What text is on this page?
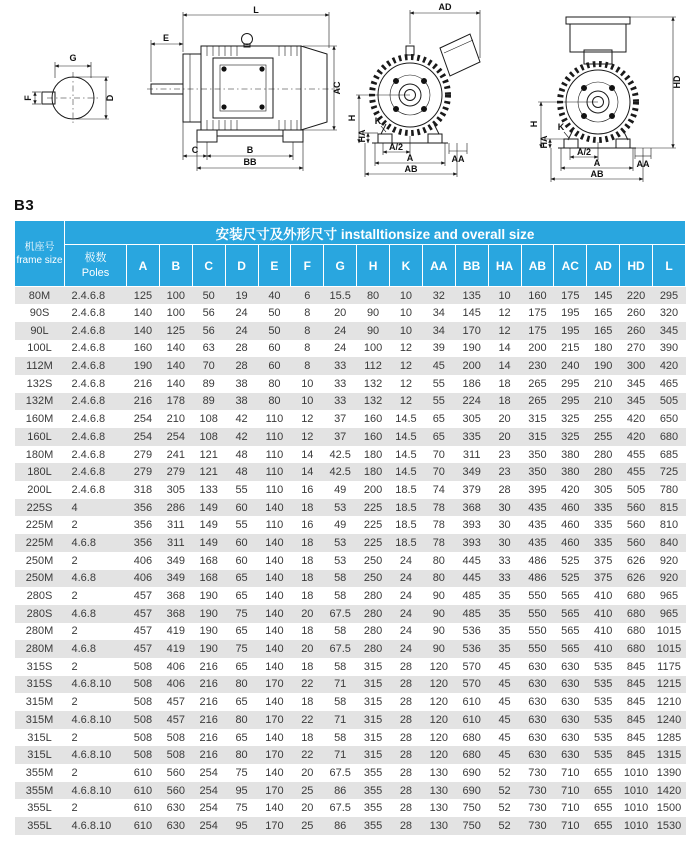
G
F	D
L
E
AC
C	B
BB
AD
H
HA
K
A/2
A
AB
AA
HD
H
HA
K
A/2
A
AB
AA
B3
机座号
frame size	安装尺寸及外形尺寸 installtionsize and overall size																	
	极数
Poles	A	B	C	D	E	F	G	H	K	AA	BB	HA	AB	AC	AD	HD	L
80M	2.4.6.8	125	100	50	19	40	6	15.5	80	10	32	135	10	160	175	145	220	295
90S	2.4.6.8	140	100	56	24	50	8	20	90	10	34	145	12	175	195	165	260	320
90L	2.4.6.8	140	125	56	24	50	8	24	90	10	34	170	12	175	195	165	260	345
100L	2.4.6.8	160	140	63	28	60	8	24	100	12	39	190	14	200	215	180	270	390
112M	2.4.6.8	190	140	70	28	60	8	33	112	12	45	200	14	230	240	190	300	420
132S	2.4.6.8	216	140	89	38	80	10	33	132	12	55	186	18	265	295	210	345	465
132M	2.4.6.8	216	178	89	38	80	10	33	132	12	55	224	18	265	295	210	345	505
160M	2.4.6.8	254	210	108	42	110	12	37	160	14.5	65	305	20	315	325	255	420	650
160L	2.4.6.8	254	254	108	42	110	12	37	160	14.5	65	335	20	315	325	255	420	680
180M	2.4.6.8	279	241	121	48	110	14	42.5	180	14.5	70	311	23	350	380	280	455	685
180L	2.4.6.8	279	279	121	48	110	14	42.5	180	14.5	70	349	23	350	380	280	455	725
200L	2.4.6.8	318	305	133	55	110	16	49	200	18.5	74	379	28	395	420	305	505	780
225S	4	356	286	149	60	140	18	53	225	18.5	78	368	30	435	460	335	560	815
225M	2	356	311	149	55	110	16	49	225	18.5	78	393	30	435	460	335	560	810
225M	4.6.8	356	311	149	60	140	18	53	225	18.5	78	393	30	435	460	335	560	840
250M	2	406	349	168	60	140	18	53	250	24	80	445	33	486	525	375	626	920
250M	4.6.8	406	349	168	65	140	18	58	250	24	80	445	33	486	525	375	626	920
280S	2	457	368	190	65	140	18	58	280	24	90	485	35	550	565	410	680	965
280S	4.6.8	457	368	190	75	140	20	67.5	280	24	90	485	35	550	565	410	680	965
280M	2	457	419	190	65	140	18	58	280	24	90	536	35	550	565	410	680	1015
280M	4.6.8	457	419	190	75	140	20	67.5	280	24	90	536	35	550	565	410	680	1015
315S	2	508	406	216	65	140	18	58	315	28	120	570	45	630	630	535	845	1175
315S	4.6.8.10	508	406	216	80	170	22	71	315	28	120	570	45	630	630	535	845	1215
315M	2	508	457	216	65	140	18	58	315	28	120	610	45	630	630	535	845	1210
315M	4.6.8.10	508	457	216	80	170	22	71	315	28	120	610	45	630	630	535	845	1240
315L	2	508	508	216	65	140	18	58	315	28	120	680	45	630	630	535	845	1285
315L	4.6.8.10	508	508	216	80	170	22	71	315	28	120	680	45	630	630	535	845	1315
355M	2	610	560	254	75	140	20	67.5	355	28	130	690	52	730	710	655	1010	1390
355M	4.6.8.10	610	560	254	95	170	25	86	355	28	130	690	52	730	710	655	1010	1420
355L	2	610	630	254	75	140	20	67.5	355	28	130	750	52	730	710	655	1010	1500
355L	4.6.8.10	610	630	254	95	170	25	86	355	28	130	750	52	730	710	655	1010	1530
